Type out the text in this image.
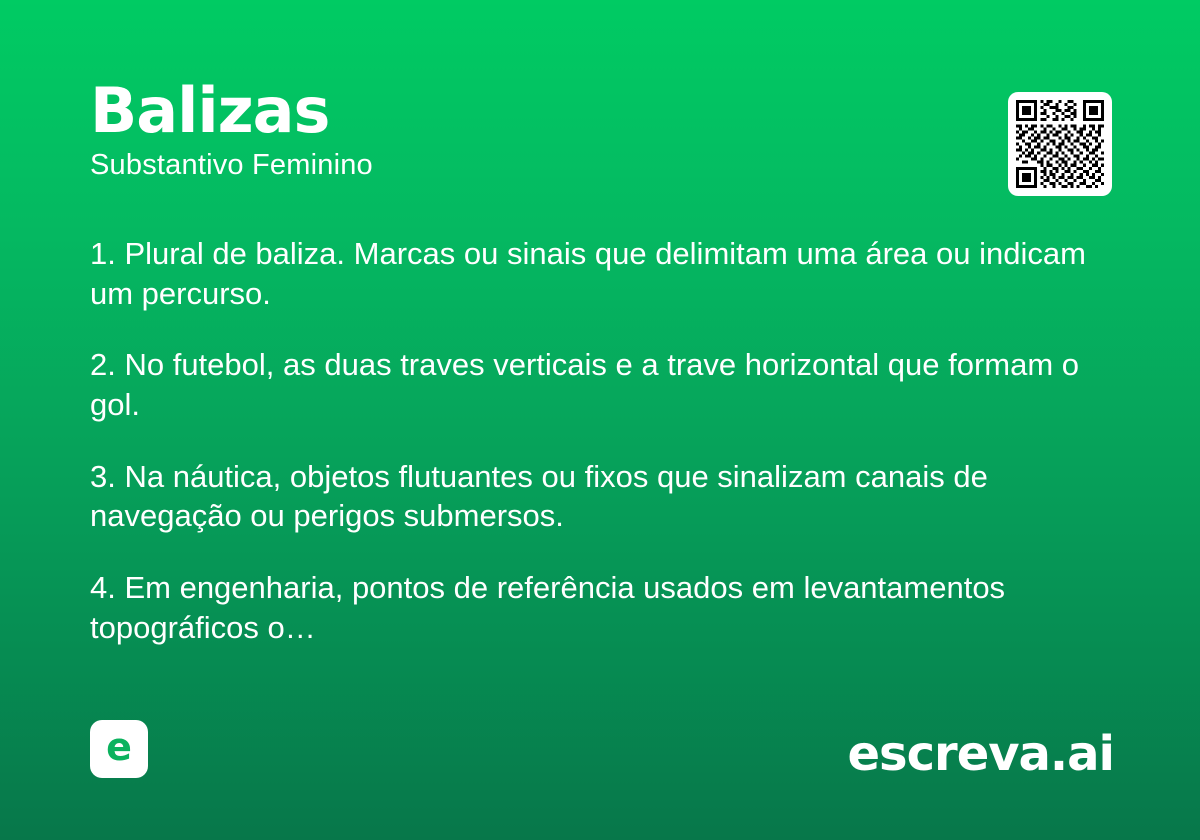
Balizas

Substantivo Feminino

1. Plural de baliza. Marcas ou sinais que delimitam uma área ou indicam um percurso.

2. No futebol, as duas traves verticais e a trave horizontal que formam o gol.

3. Na náutica, objetos flutuantes ou fixos que sinalizam canais de navegação ou perigos submersos.

4. Em engenharia, pontos de referência usados em levantamentos topográficos o…

e	escreva.ai
